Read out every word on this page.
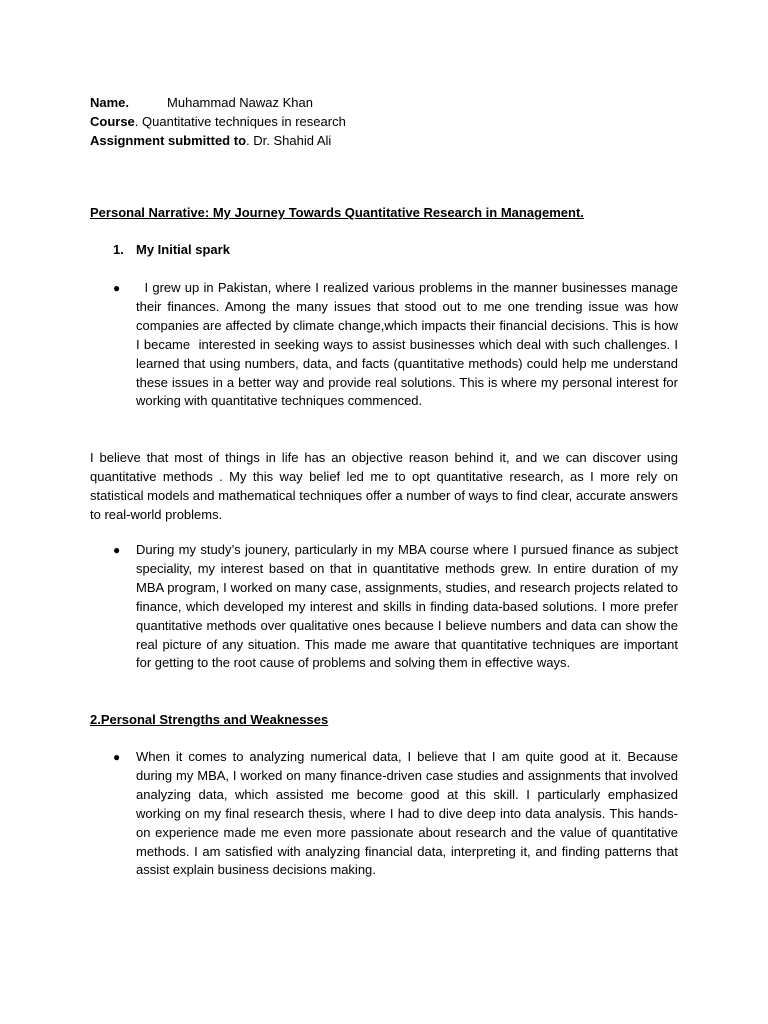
Name.	Muhammad Nawaz Khan
Course. Quantitative techniques in research
Assignment submitted to. Dr. Shahid Ali
Personal Narrative: My Journey Towards Quantitative Research in Management.
1. My Initial spark
● I grew up in Pakistan, where I realized various problems in the manner businesses manage their finances. Among the many issues that stood out to me one trending issue was how companies are affected by climate change,which impacts their financial decisions. This is how I became  interested in seeking ways to assist businesses which deal with such challenges. I learned that using numbers, data, and facts (quantitative methods) could help me understand these issues in a better way and provide real solutions. This is where my personal interest for working with quantitative techniques commenced.
I believe that most of things in life has an objective reason behind it, and we can discover using quantitative methods . My this way belief led me to opt quantitative research, as I more rely on statistical models and mathematical techniques offer a number of ways to find clear, accurate answers to real-world problems.
● During my study’s jounery, particularly in my MBA course where I pursued finance as subject speciality, my interest based on that in quantitative methods grew. In entire duration of my MBA program, I worked on many case, assignments, studies, and research projects related to finance, which developed my interest and skills in finding data-based solutions. I more prefer quantitative methods over qualitative ones because I believe numbers and data can show the real picture of any situation. This made me aware that quantitative techniques are important for getting to the root cause of problems and solving them in effective ways.
2.Personal Strengths and Weaknesses
● When it comes to analyzing numerical data, I believe that I am quite good at it. Because during my MBA, I worked on many finance-driven case studies and assignments that involved analyzing data, which assisted me become good at this skill. I particularly emphasized working on my final research thesis, where I had to dive deep into data analysis. This hands-on experience made me even more passionate about research and the value of quantitative methods. I am satisfied with analyzing financial data, interpreting it, and finding patterns that assist explain business decisions making.
